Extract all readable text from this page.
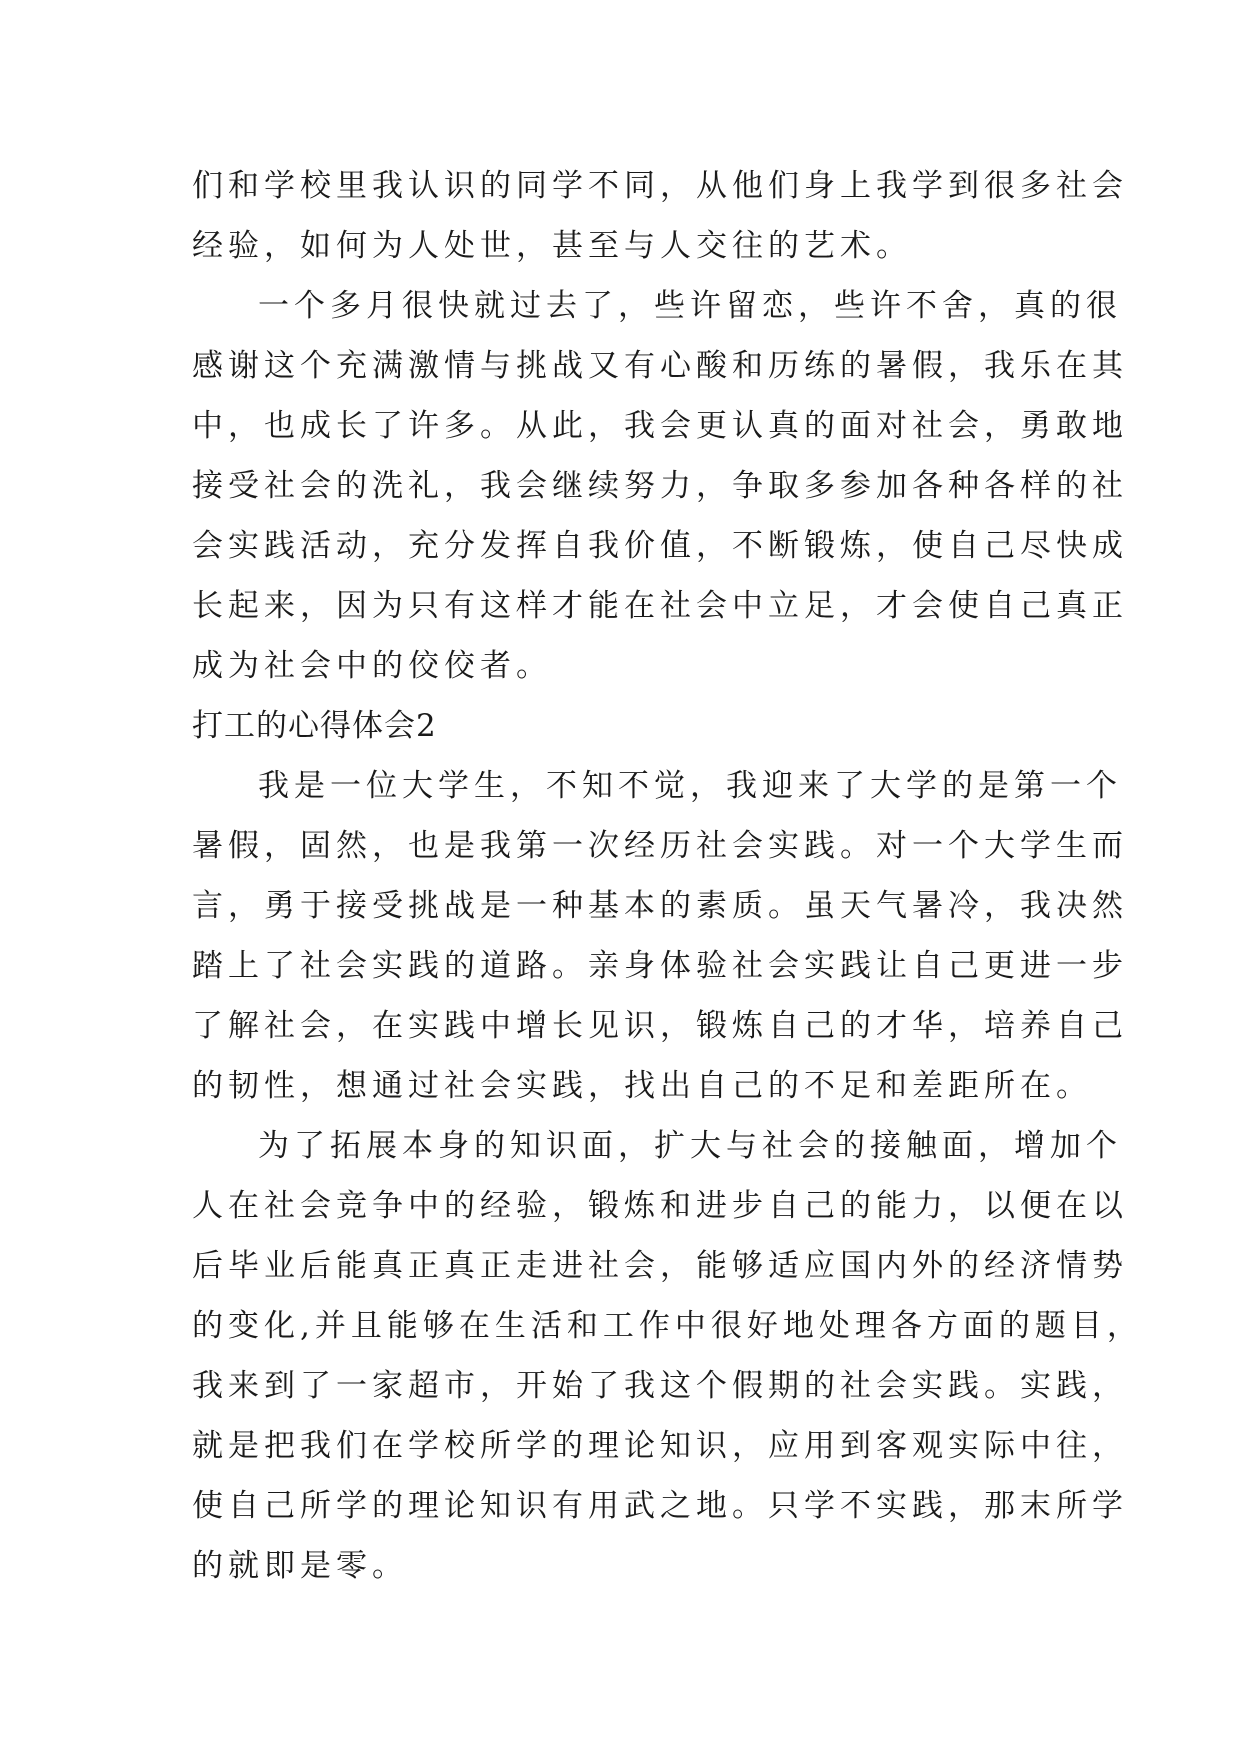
们和学校里我认识的同学不同，从他们身上我学到很多社会
经验，如何为人处世，甚至与人交往的艺术。
一个多月很快就过去了，些许留恋，些许不舍，真的很
感谢这个充满激情与挑战又有心酸和历练的暑假，我乐在其
中，也成长了许多。从此，我会更认真的面对社会，勇敢地
接受社会的洗礼，我会继续努力，争取多参加各种各样的社
会实践活动，充分发挥自我价值，不断锻炼，使自己尽快成
长起来，因为只有这样才能在社会中立足，才会使自己真正
成为社会中的佼佼者。
打工的心得体会2
我是一位大学生，不知不觉，我迎来了大学的是第一个
暑假，固然，也是我第一次经历社会实践。对一个大学生而
言，勇于接受挑战是一种基本的素质。虽天气暑冷，我决然
踏上了社会实践的道路。亲身体验社会实践让自己更进一步
了解社会，在实践中增长见识，锻炼自己的才华，培养自己
的韧性，想通过社会实践，找出自己的不足和差距所在。
为了拓展本身的知识面，扩大与社会的接触面，增加个
人在社会竞争中的经验，锻炼和进步自己的能力，以便在以
后毕业后能真正真正走进社会，能够适应国内外的经济情势
的变化,并且能够在生活和工作中很好地处理各方面的题目，
我来到了一家超市，开始了我这个假期的社会实践。实践，
就是把我们在学校所学的理论知识，应用到客观实际中往，
使自己所学的理论知识有用武之地。只学不实践，那末所学
的就即是零。
